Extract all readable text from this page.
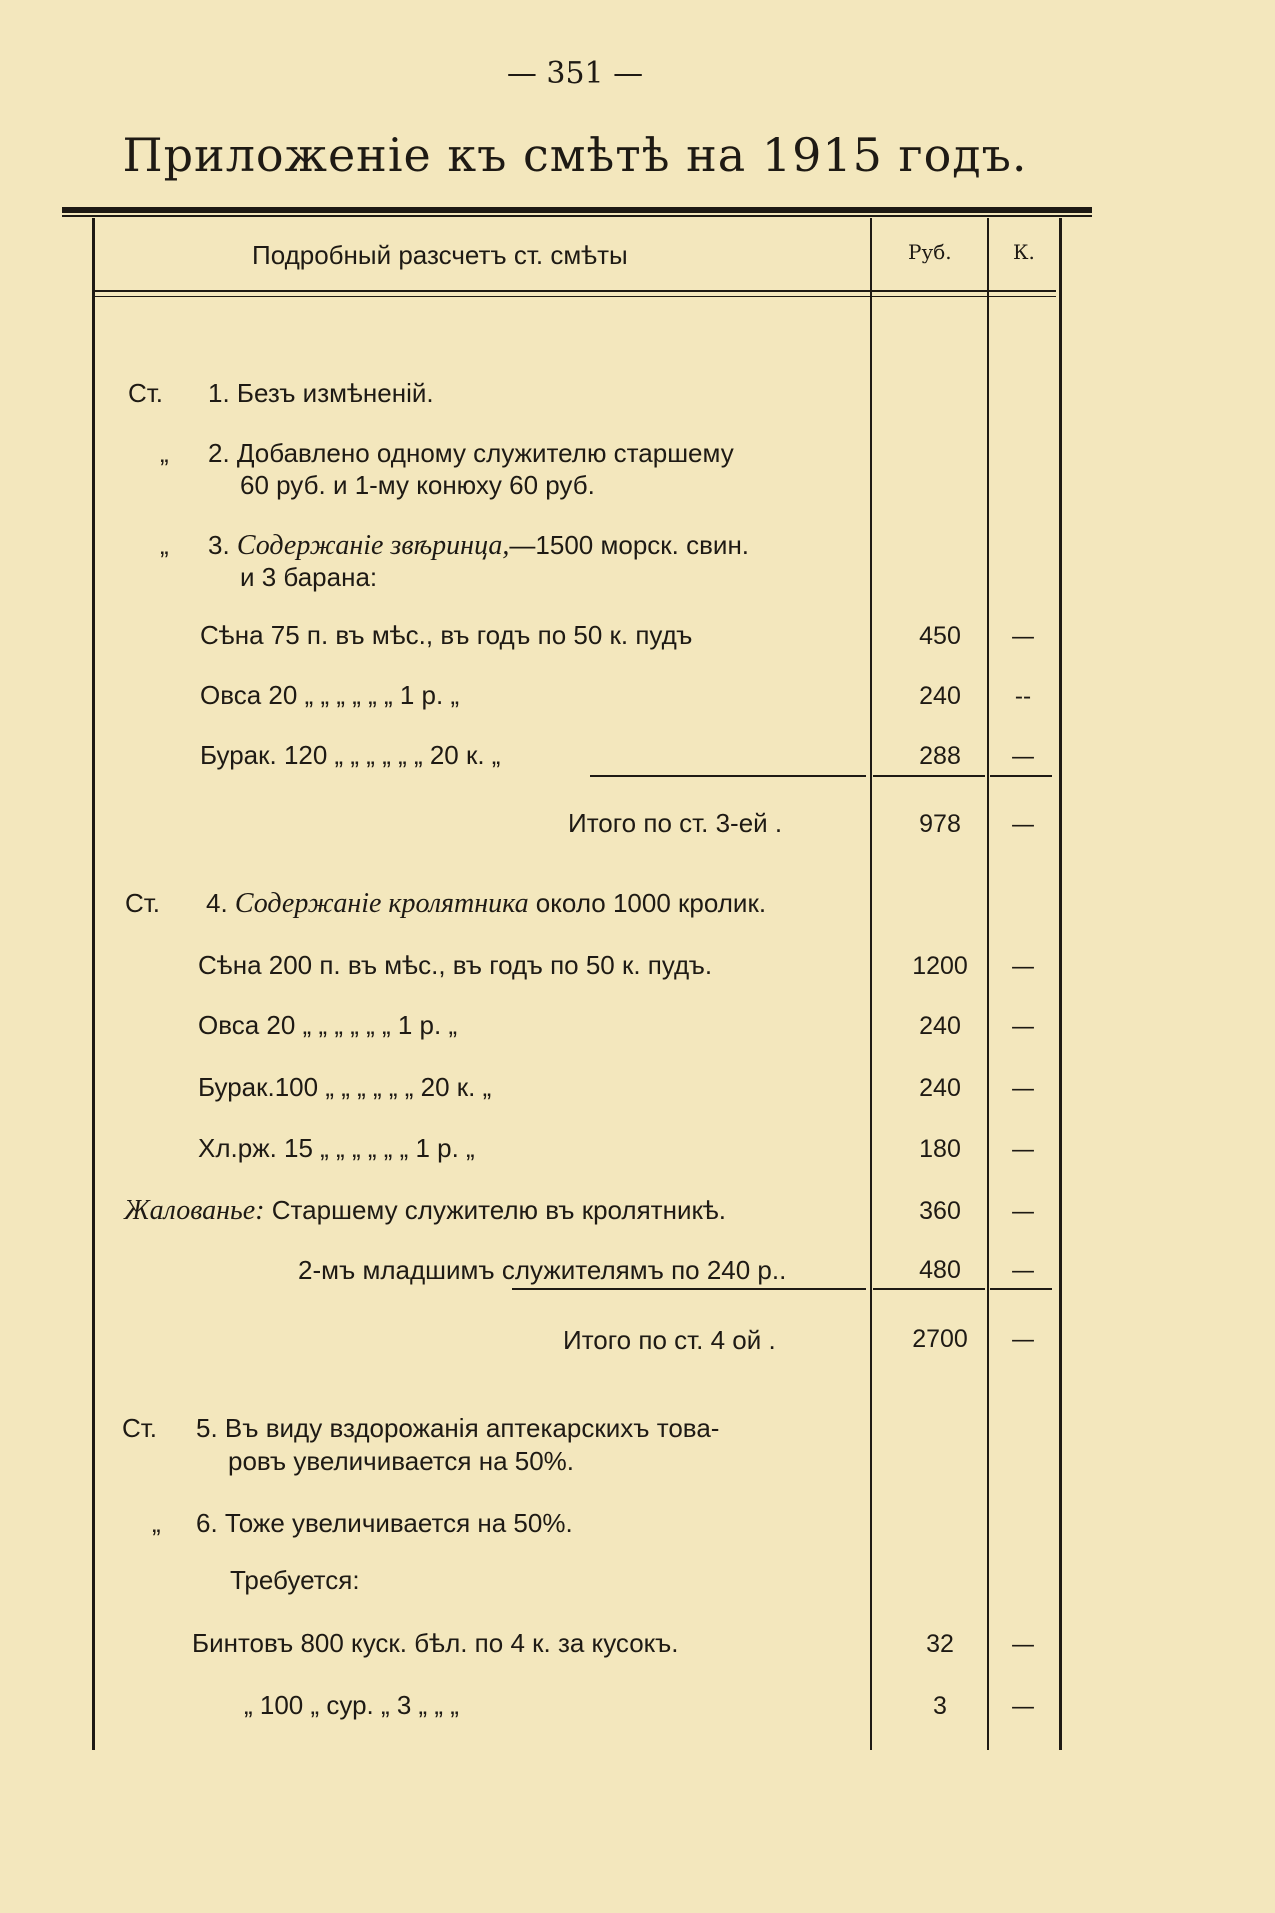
— 351 —
Приложеніе къ смѣтѣ на 1915 годъ.
Подробный разсчетъ ст. смѣты	Руб.	К.
Ст. 1. Безъ измѣненій.
„ 2. Добавлено одному служителю старшему
60 руб. и 1-му конюху 60 руб.
„ 3. Содержаніе звѣринца,—1500 морск. свин.
и 3 барана:
Сѣна 75 п. въ мѣс., въ годъ по 50 к. пудъ	450	—
Овса 20 „ „ „ „ „ „ 1 р. „	240	--
Бурак. 120 „ „ „ „ „ „ 20 к. „	288	—
Итого по ст. 3-ей .	978	—
Ст. 4. Содержаніе кролятника около 1000 кролик.
Сѣна 200 п. въ мѣс., въ годъ по 50 к. пудъ.	1200	—
Овса 20 „ „ „ „ „ „ 1 р. „	240	—
Бурак.100 „ „ „ „ „ „ 20 к. „	240	—
Хл.рж. 15 „ „ „ „ „ „ 1 р. „	180	—
Жалованье: Старшему служителю въ кролятникѣ.	360	—
2-мъ младшимъ служителямъ по 240 р..	480	—
Итого по ст. 4 ой .	2700	—
Ст. 5. Въ виду вздорожанія аптекарскихъ това-
ровъ увеличивается на 50%.
„ 6. Тоже увеличивается на 50%.
Требуется:
Бинтовъ 800 куск. бѣл. по 4 к. за кусокъ.	32	—
„ 100 „ сур. „ 3 „ „ „	3	—
